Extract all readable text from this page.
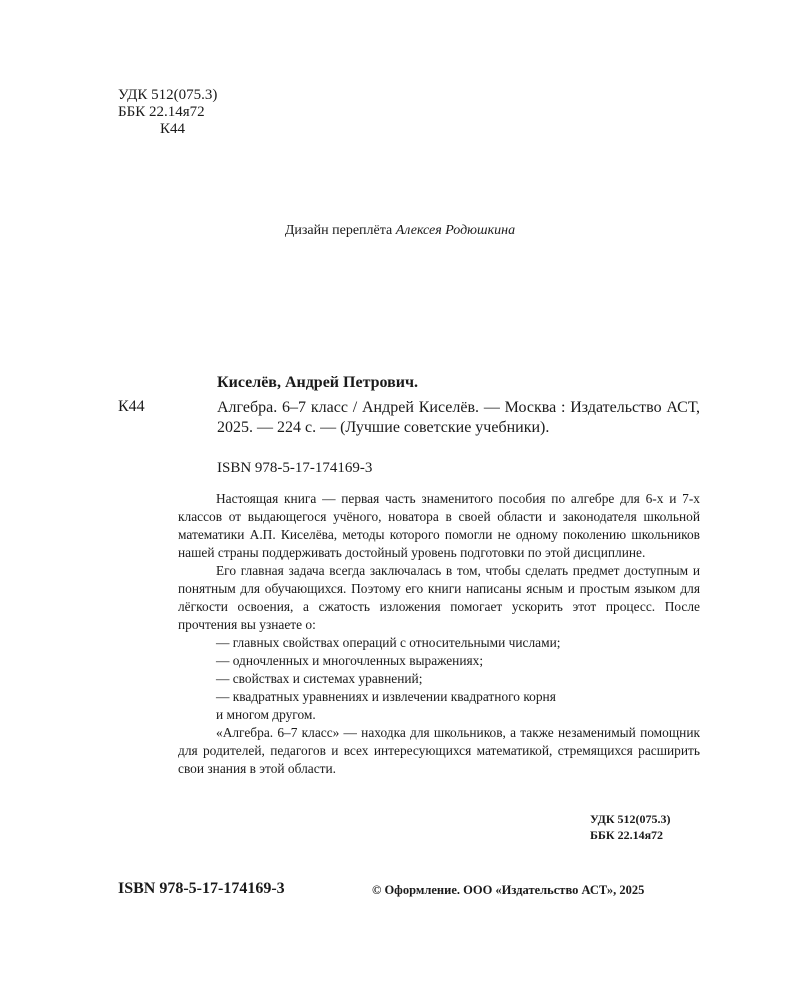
УДК 512(075.3)
ББК 22.14я72
К44
Дизайн переплёта Алексея Родюшкина
Киселёв, Андрей Петрович.
К44	Алгебра. 6–7 класс / Андрей Киселёв. — Москва : Издательство АСТ, 2025. — 224 с. — (Лучшие советские учебники).
ISBN 978-5-17-174169-3

Настоящая книга — первая часть знаменитого пособия по алгебре для 6-х и 7-х классов от выдающегося учёного, новатора в своей области и законодателя школьной математики А.П. Киселёва, методы которого помогли не одному поколению школьников нашей страны поддерживать достойный уровень подготовки по этой дисциплине.

Его главная задача всегда заключалась в том, чтобы сделать предмет доступным и понятным для обучающихся. Поэтому его книги написаны ясным и простым языком для лёгкости освоения, а сжатость изложения помогает ускорить этот процесс. После прочтения вы узнаете о:

— главных свойствах операций с относительными числами;
— одночленных и многочленных выражениях;
— свойствах и системах уравнений;
— квадратных уравнениях и извлечении квадратного корня
и многом другом.

«Алгебра. 6–7 класс» — находка для школьников, а также незаменимый помощник для родителей, педагогов и всех интересующихся математикой, стремящихся расширить свои знания в этой области.

УДК 512(075.3)
ББК 22.14я72
ISBN 978-5-17-174169-3	© Оформление. ООО «Издательство АСТ», 2025
